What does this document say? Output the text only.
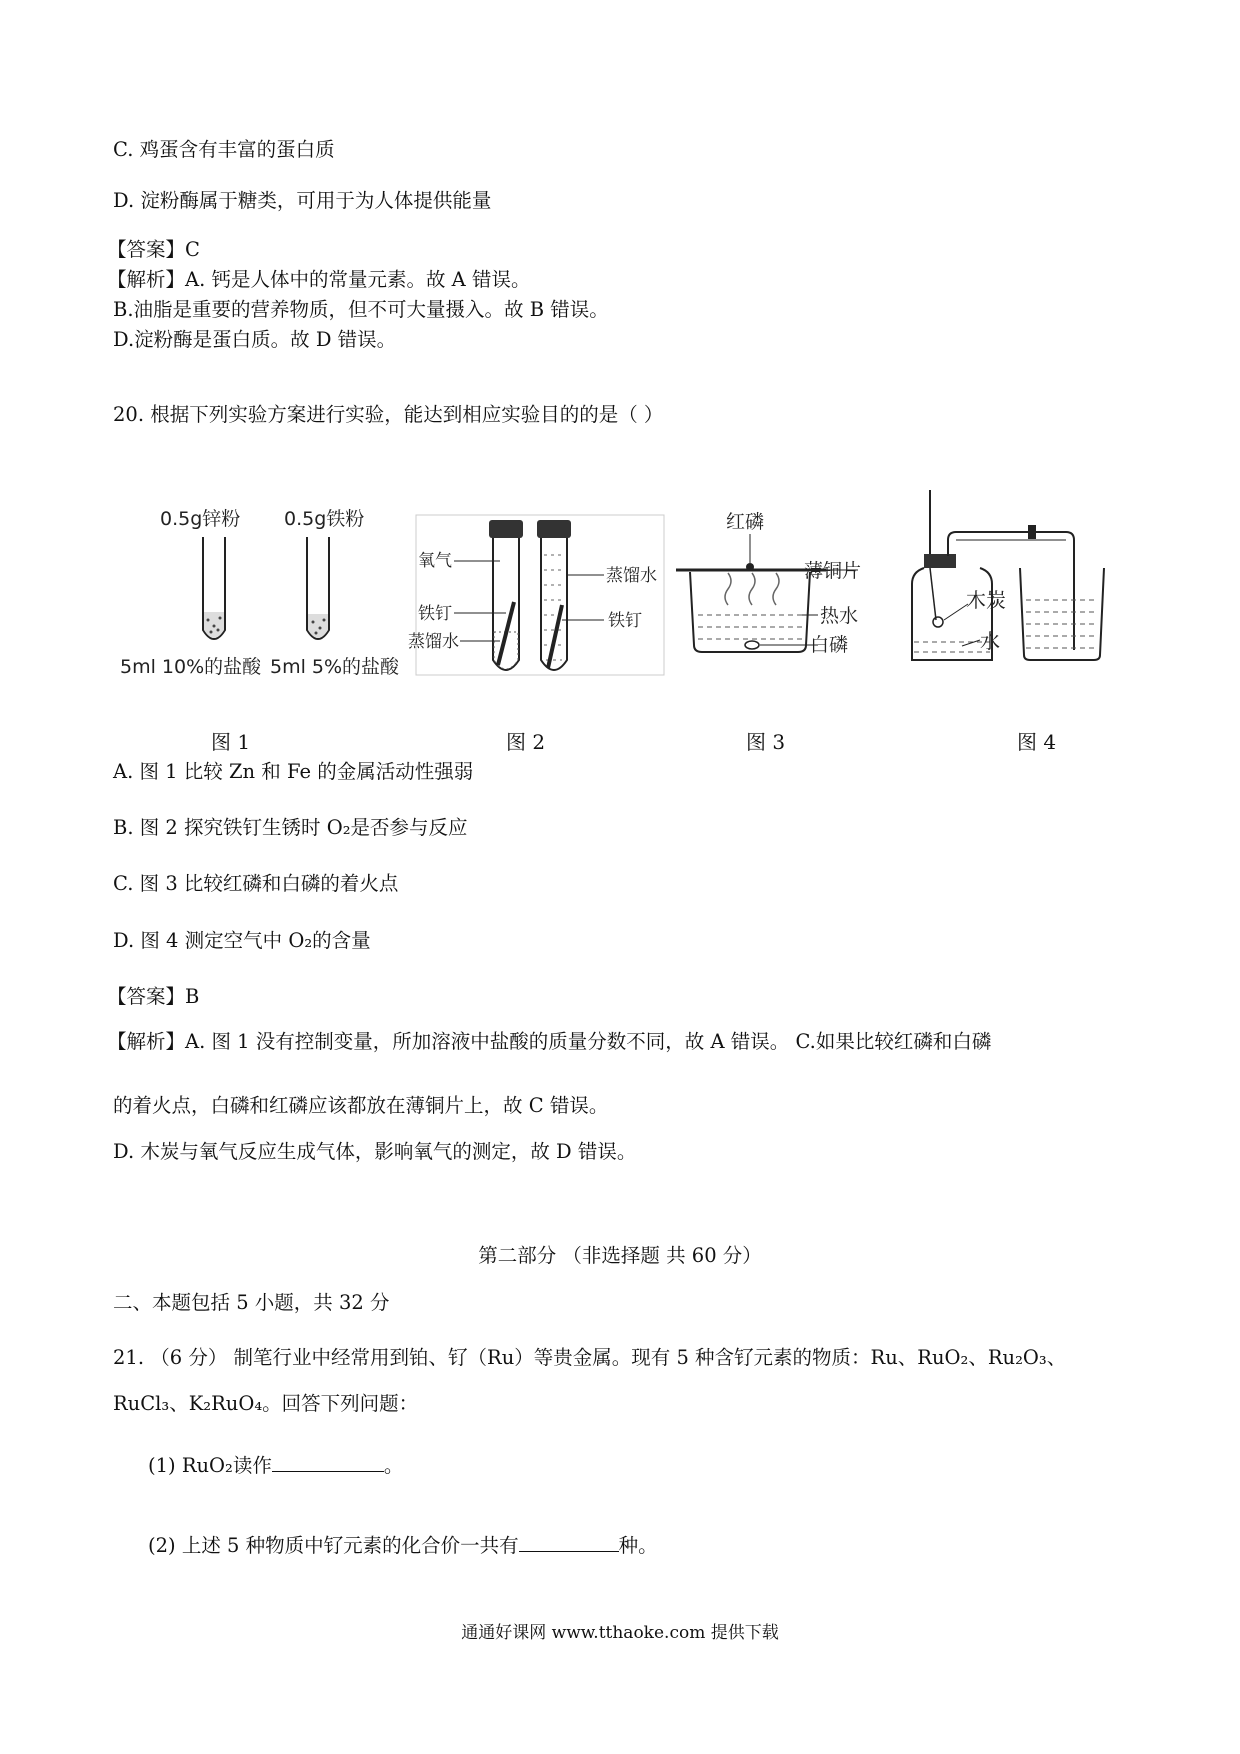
C. 鸡蛋含有丰富的蛋白质
D. 淀粉酶属于糖类，可用于为人体提供能量
【答案】C
【解析】A. 钙是人体中的常量元素。故 A 错误。
B.油脂是重要的营养物质，但不可大量摄入。故 B 错误。
D.淀粉酶是蛋白质。故 D 错误。
20. 根据下列实验方案进行实验，能达到相应实验目的的是（ ）
0.5g锌粉 0.5g铁粉
5ml 10%的盐酸 5ml 5%的盐酸
氧气
铁钉
蒸馏水
蒸馏水
铁钉
红磷
薄铜片
热水
白磷
木炭
水
图 1	图 2	图 3	图 4
A. 图 1 比较 Zn 和 Fe 的金属活动性强弱
B. 图 2 探究铁钉生锈时 O₂是否参与反应
C. 图 3 比较红磷和白磷的着火点
D. 图 4 测定空气中 O₂的含量
【答案】B
【解析】A. 图 1 没有控制变量，所加溶液中盐酸的质量分数不同，故 A 错误。 C.如果比较红磷和白磷
的着火点，白磷和红磷应该都放在薄铜片上，故 C 错误。
D. 木炭与氧气反应生成气体，影响氧气的测定，故 D 错误。
第二部分 （非选择题 共 60 分）
二、本题包括 5 小题，共 32 分
21. （6 分） 制笔行业中经常用到铂、钌（Ru）等贵金属。现有 5 种含钌元素的物质：Ru、RuO₂、Ru₂O₃、
RuCl₃、K₂RuO₄。回答下列问题：
(1) RuO₂读作	。
(2) 上述 5 种物质中钌元素的化合价一共有	种。
通通好课网 www.tthaoke.com 提供下载
